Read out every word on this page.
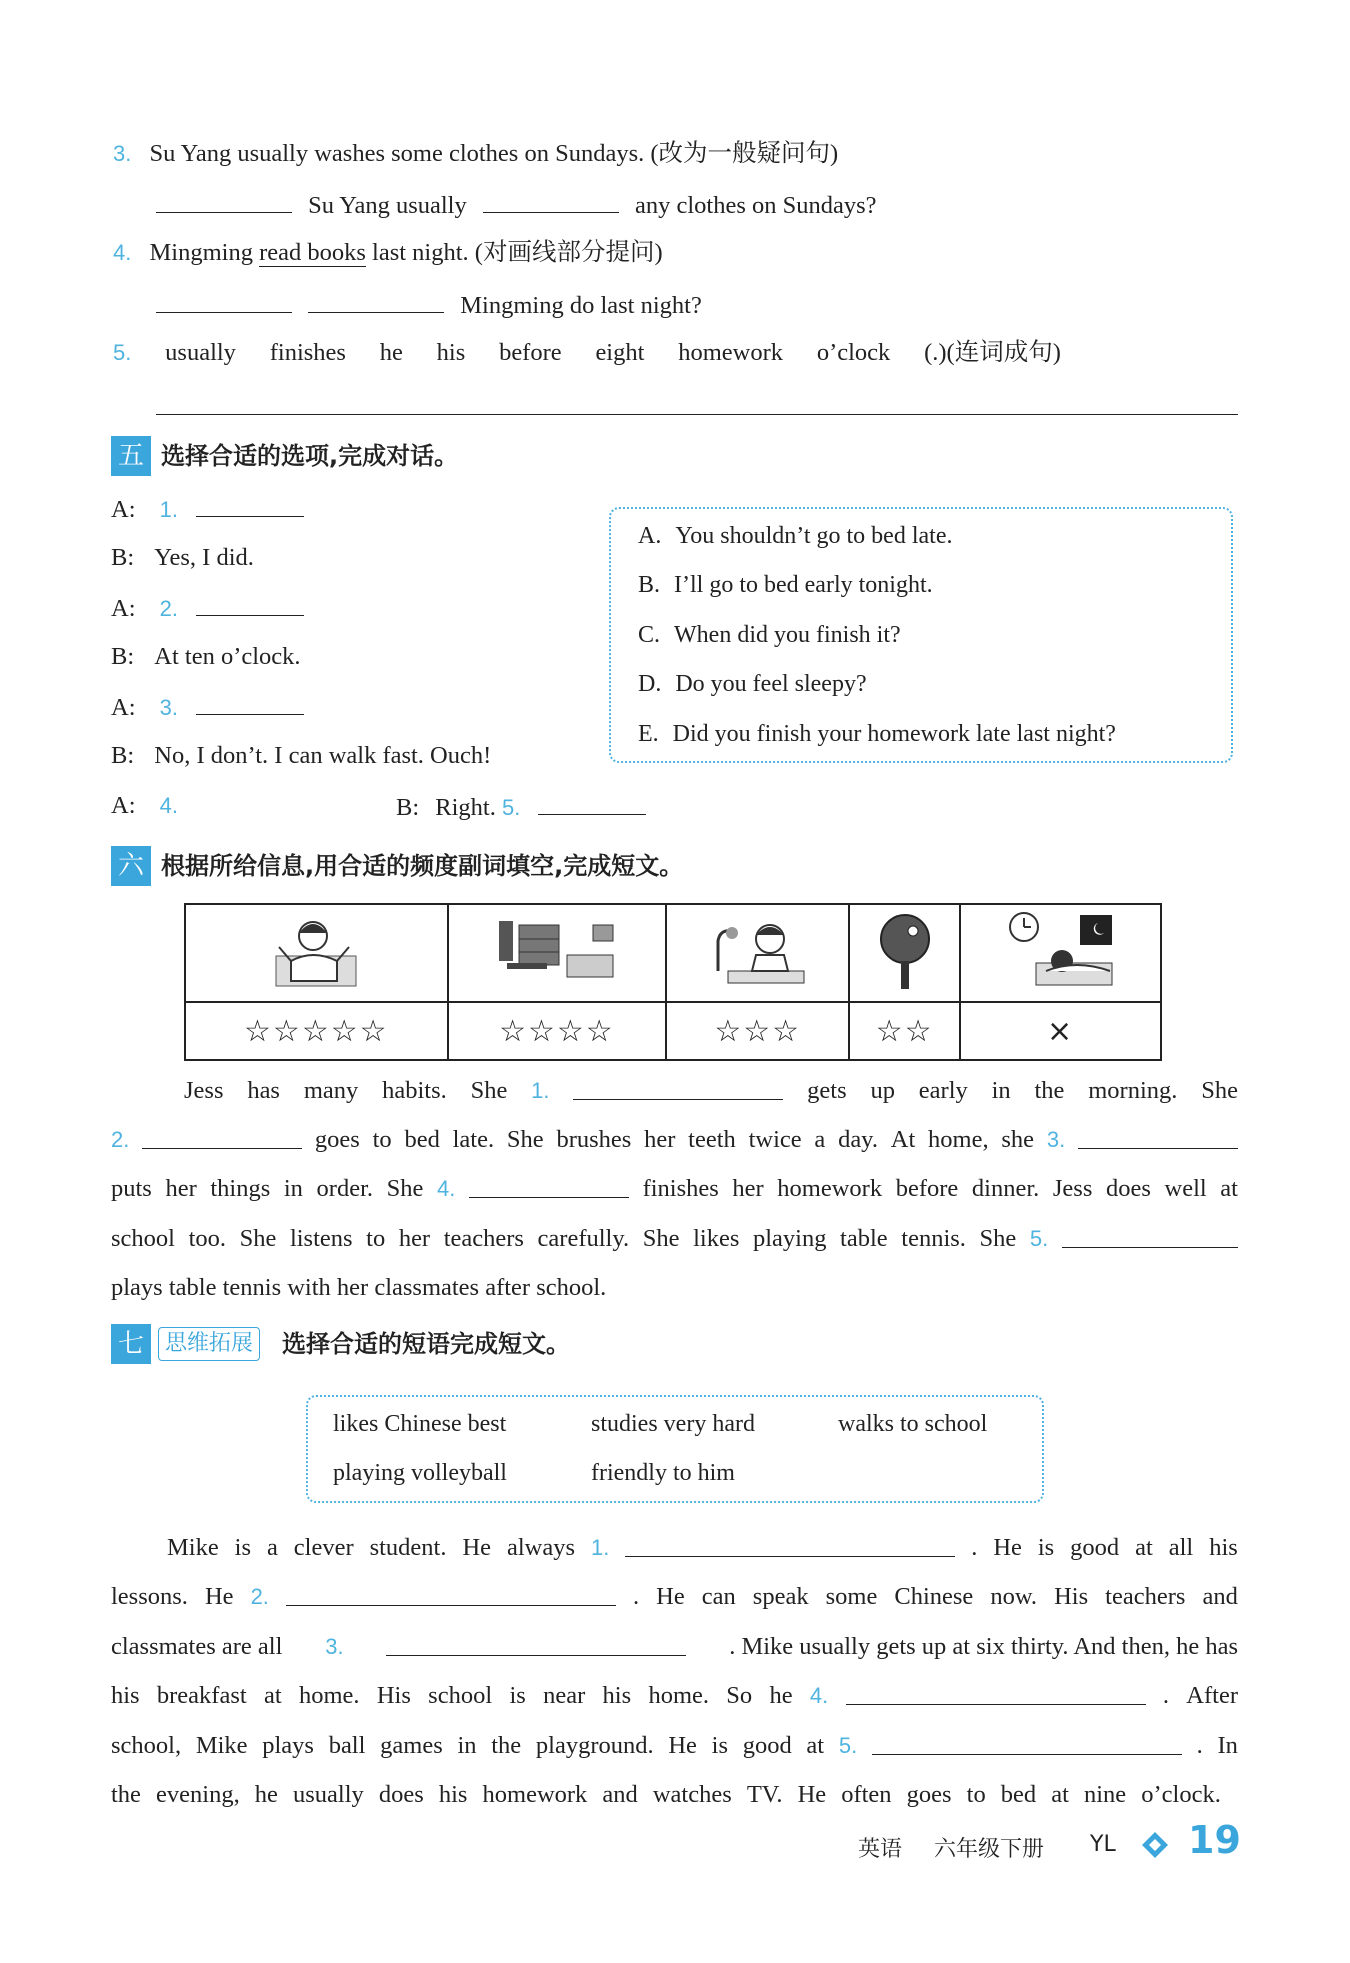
3. Su Yang usually washes some clothes on Sundays. (改为一般疑问句)
Su Yang usually	any clothes on Sundays?
4. Mingming read books last night. (对画线部分提问)
Mingming do last night?
5. usually finishes he his before eight homework o’clock (.)(连词成句)
五 选择合适的选项,完成对话。
A: 1.
B: Yes, I did.
A: 2.
B: At ten o’clock.
A: 3.
B: No, I don’t. I can walk fast. Ouch!
A: 4.	B: Right. 5.
A. You shouldn’t go to bed late.
B. I’ll go to bed early tonight.
C. When did you finish it?
D. Do you feel sleepy?
E. Did you finish your homework late last night?
六 根据所给信息,用合适的频度副词填空,完成短文。

☆☆☆☆☆	☆☆☆☆	☆☆☆	☆☆	×
Jess has many habits. She 1.	gets up early in the morning. She
2.	goes to bed late. She brushes her teeth twice a day. At home, she 3.
puts her things in order. She 4.	finishes her homework before dinner. Jess does well at
school too. She listens to her teachers carefully. She likes playing table tennis. She 5.
plays table tennis with her classmates after school.
七 思维拓展 选择合适的短语完成短文。
likes Chinese best	studies very hard	walks to school
playing volleyball	friendly to him
Mike is a clever student. He always 1.	. He is good at all his
lessons. He 2.	. He can speak some Chinese now. His teachers and
classmates are all 3.	. Mike usually gets up at six thirty. And then, he has
his breakfast at home. His school is near his home. So he 4.	. After
school, Mike plays ball games in the playground. He is good at 5.	. In
the evening, he usually does his homework and watches TV. He often goes to bed at nine o’clock.
英语 六年级下册 YL 19
